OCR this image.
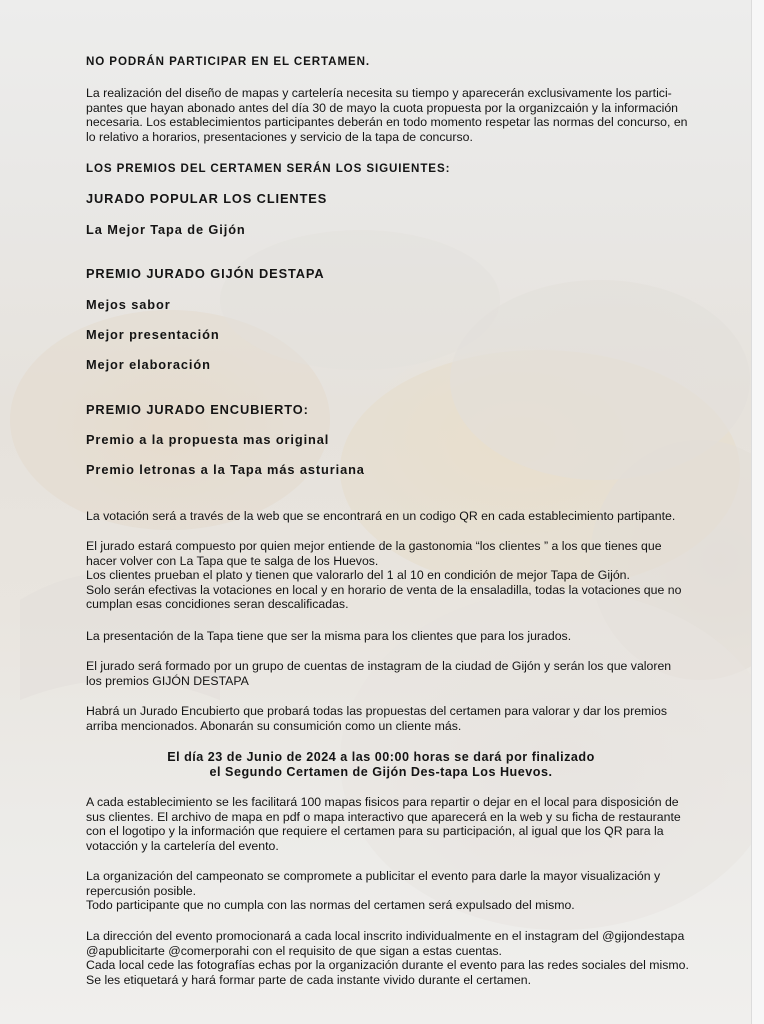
NO PODRÁN PARTICIPAR EN EL CERTAMEN.
La realización del diseño de mapas y cartelería necesita su tiempo y aparecerán exclusivamente los partici-
pantes que hayan abonado antes del día 30 de mayo la cuota propuesta por la organizcaión y la información
necesaria. Los establecimientos participantes deberán en todo momento respetar las normas del concurso, en
lo relativo a horarios, presentaciones y servicio de la tapa de concurso.
LOS PREMIOS DEL CERTAMEN SERÁN LOS SIGUIENTES:
JURADO POPULAR LOS CLIENTES
La Mejor Tapa de Gijón
PREMIO JURADO GIJÓN DESTAPA
Mejos sabor
Mejor presentación
Mejor elaboración
PREMIO JURADO ENCUBIERTO:
Premio a la propuesta mas original
Premio letronas a la Tapa más asturiana
La votación será a través de la web que se encontrará en un codigo QR en cada establecimiento partipante.
El jurado estará compuesto por quien mejor entiende de la gastonomia “los clientes ” a los que tienes que
hacer volver con La Tapa que te salga de los Huevos.
Los clientes prueban el plato y tienen que valorarlo del 1 al 10 en condición de mejor Tapa de Gijón.
Solo serán efectivas la votaciones en local y en horario de venta de la ensaladilla, todas la votaciones que no
cumplan esas concidiones seran descalificadas.
La presentación de la Tapa tiene que ser la misma para los clientes que para los jurados.
El jurado será formado por un grupo de cuentas de instagram de la ciudad de Gijón y serán los que valoren
los premios GIJÓN DESTAPA
Habrá un Jurado Encubierto que probará todas las propuestas del certamen para valorar y dar los premios
arriba mencionados. Abonarán su consumición como un cliente más.
El día 23 de Junio de 2024 a las 00:00 horas se dará por finalizado
el Segundo Certamen de Gijón Des-tapa Los Huevos.
A cada establecimiento se les facilitará 100 mapas fisicos para repartir o dejar en el local para disposición de
sus clientes. El archivo de mapa en pdf o mapa interactivo que aparecerá en la web y su ficha de restaurante
con el logotipo y la información que requiere el certamen para su participación, al igual que los QR para la
votacción y la cartelería del evento.
La organización del campeonato se compromete a publicitar el evento para darle la mayor visualización y
repercusión posible.
Todo participante que no cumpla con las normas del certamen será expulsado del mismo.
La dirección del evento promocionará a cada local inscrito individualmente en el instagram del @gijondestapa
@apublicitarte @comerporahi con el requisito de que sigan a estas cuentas.
Cada local cede las fotografías echas por la organización durante el evento para las redes sociales del mismo.
Se les etiquetará y hará formar parte de cada instante vivido durante el certamen.
